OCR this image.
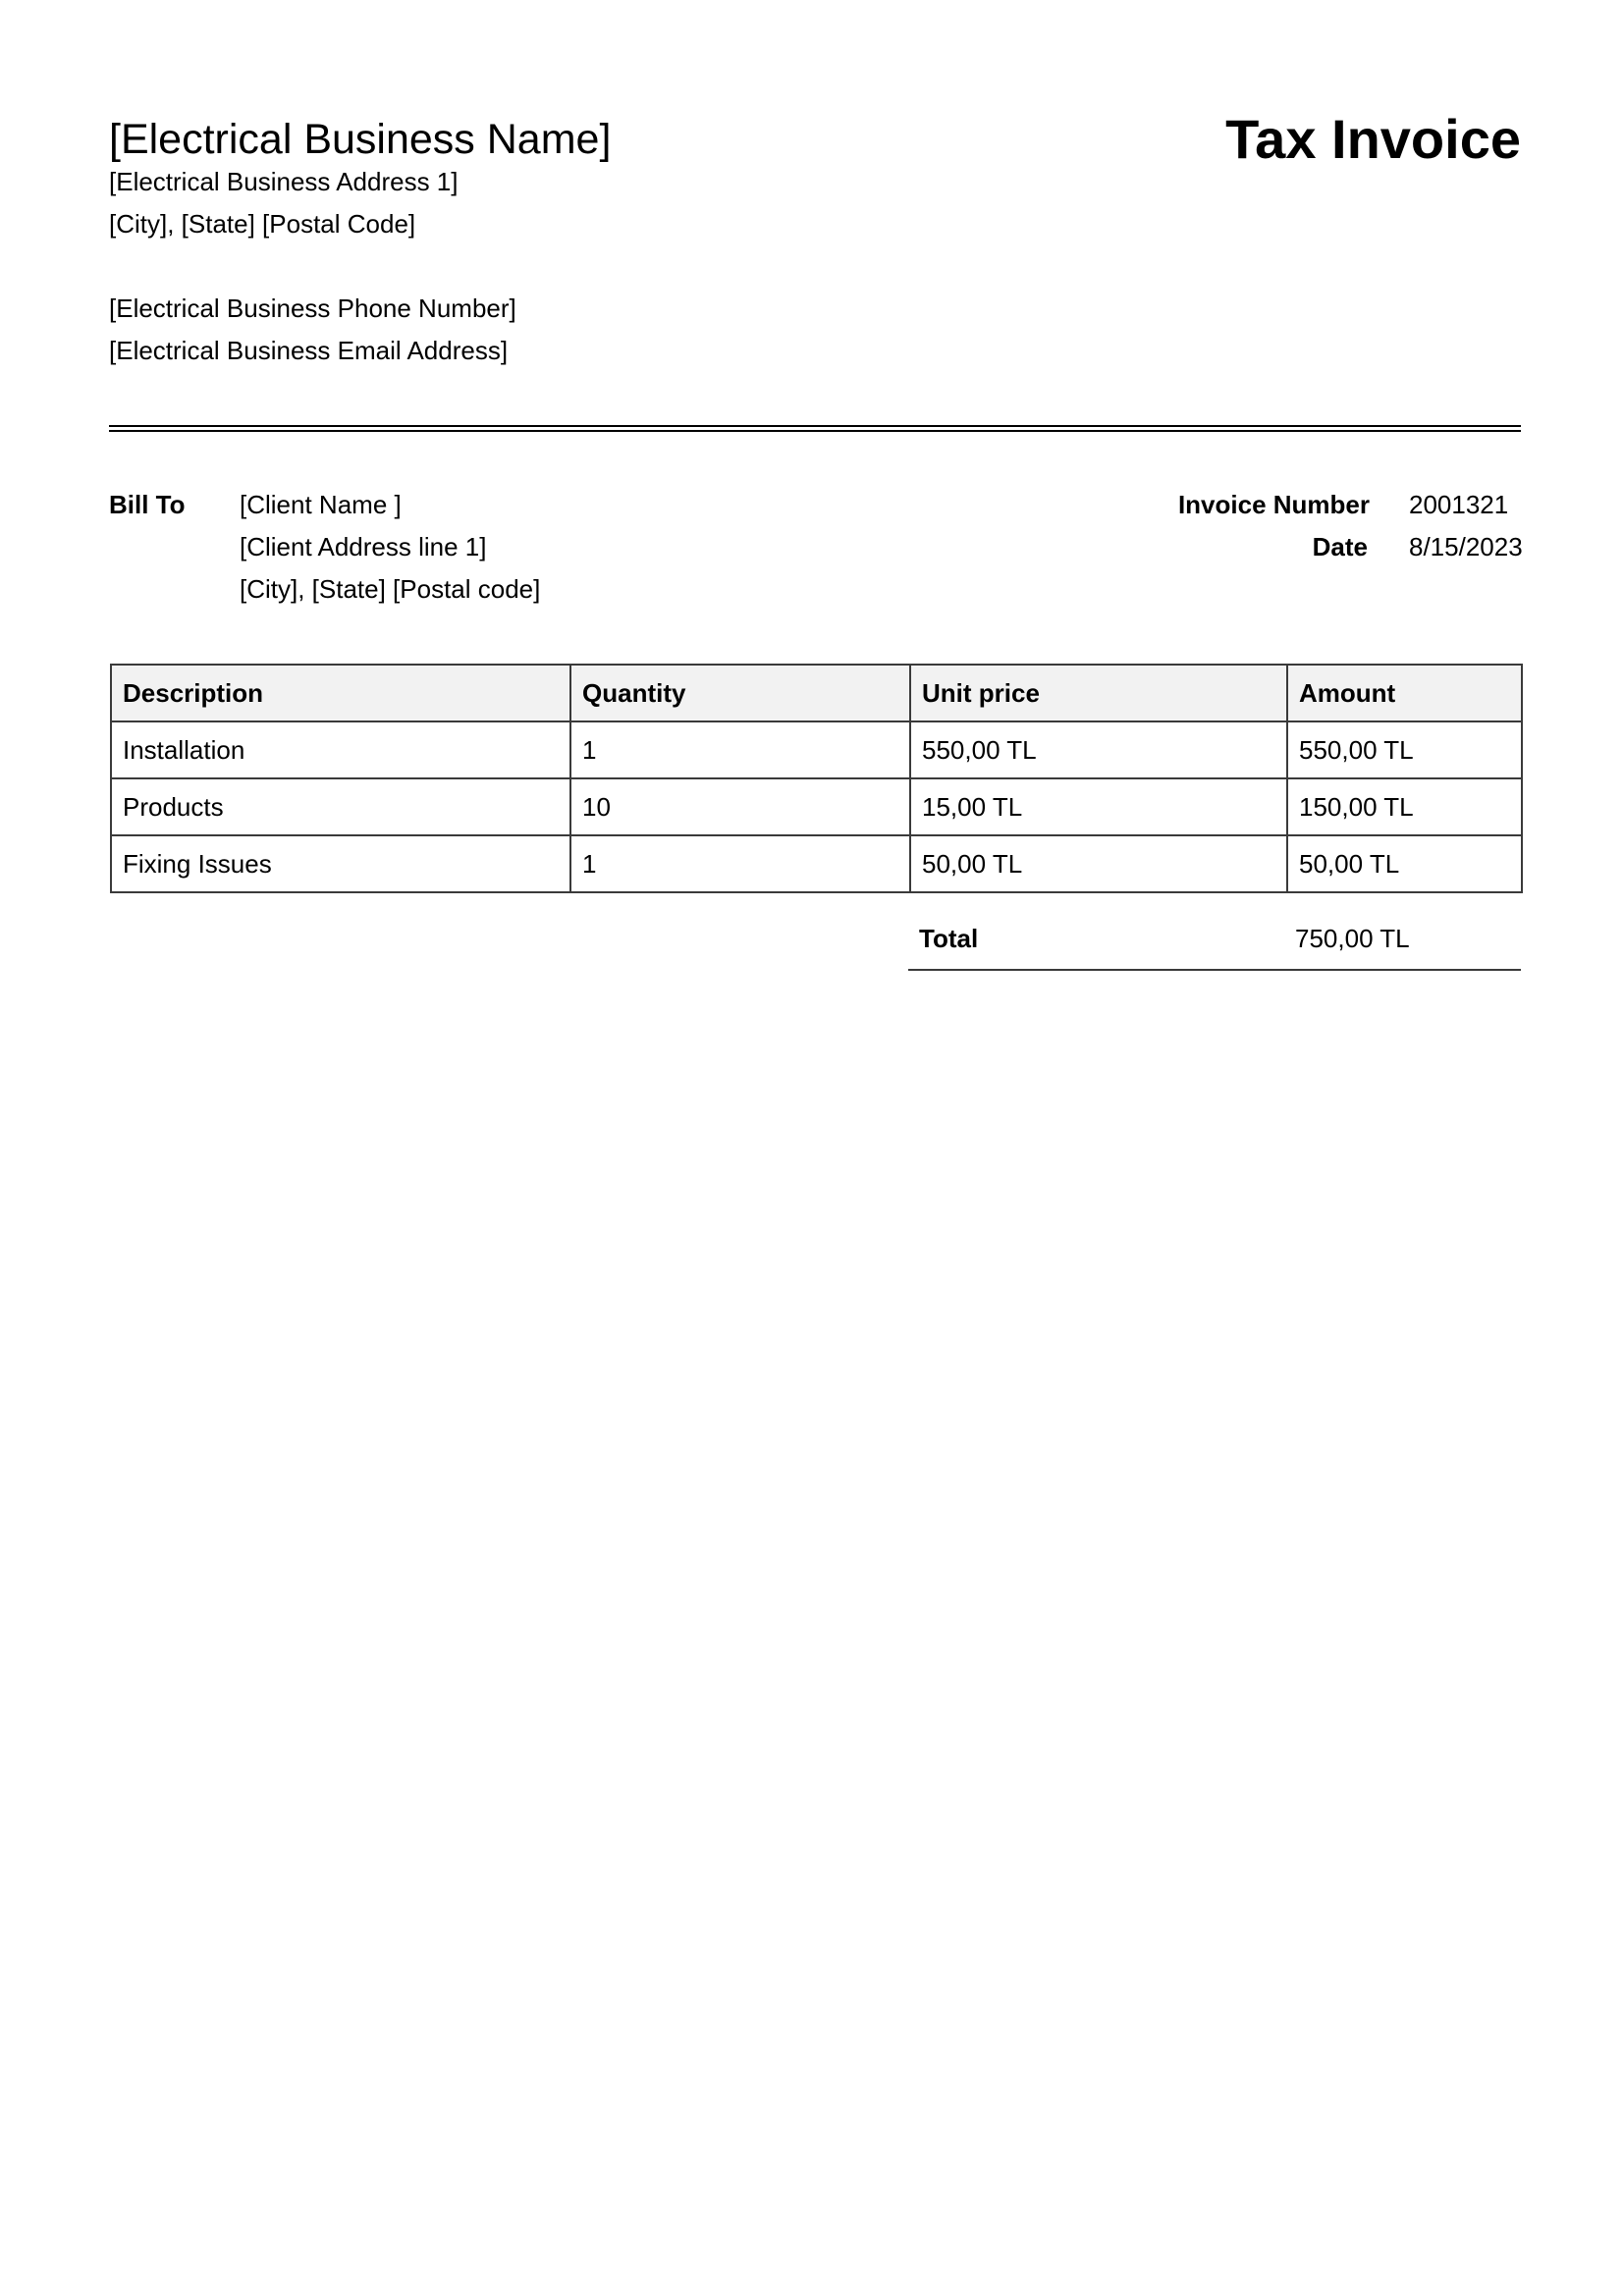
[Electrical Business Name]	Tax Invoice
[Electrical Business Address 1]
[City], [State] [Postal Code]
[Electrical Business Phone Number]
[Electrical Business Email Address]
Bill To [Client Name ]
[Client Address line 1]
[City], [State] [Postal code]
Invoice Number 2001321
Date 8/15/2023
Description	Quantity	Unit price	Amount
Installation	1	550,00 TL	550,00 TL
Products	10	15,00 TL	150,00 TL
Fixing Issues	1	50,00 TL	50,00 TL
Total	750,00 TL
